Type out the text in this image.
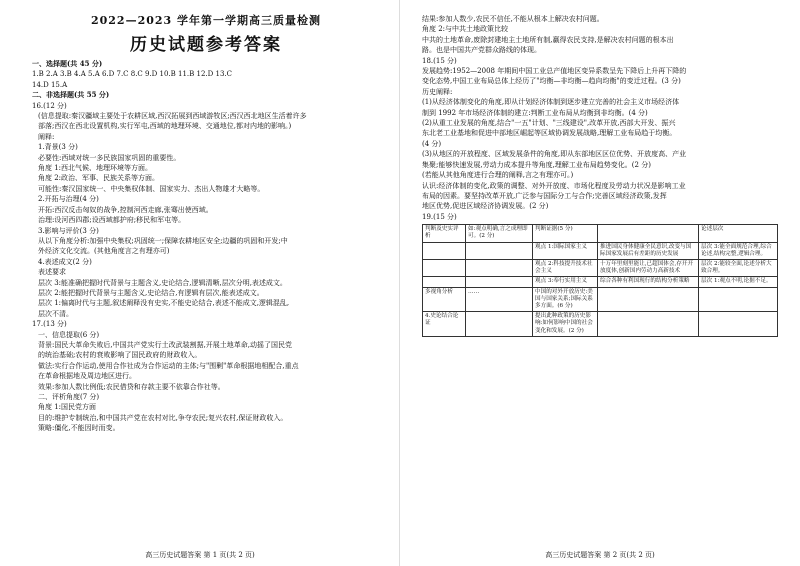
2022—2023 学年第一学期高三质量检测
历史试题参考答案
一、选择题(共 45 分)
1.B 2.A 3.B 4.A 5.A 6.D 7.C 8.C 9.D 10.B 11.B 12.D 13.C
14.D 15.A
二、非选择题(共 55 分)
16.(12 分)
(信息提取:秦汉疆域主要处于农耕区域,西汉拓展到西域游牧区;西汉西北地区生活着许多
部落;西汉在西北设置机构,实行军屯,西域的地理环境、交通地位,都对内地的影响。)
阐释:
1.背景(3 分)
必要性:西域对统一多民族国家巩固的重要性。
角度 1:西北气候、地理环境等方面。
角度 2:政治、军事、民族关系等方面。
可能性:秦汉国家统一、中央集权体制、国家实力、杰出人物雄才大略等。
2.开拓与治理(4 分)
开拓:西汉反击匈奴的战争,控制河西走廊,张骞出使西域。
治理:设河西四郡;设西域都护府;移民和军屯等。
3.影响与评价(3 分)
从以下角度分析:加强中央集权;巩固统一;保障农耕地区安全;边疆的巩固和开发;中
外经济文化交流。(其他角度言之有理亦可)
4.表述成文(2 分)
表述要求
层次 3:能准确把握时代背景与主题含义,史论结合,逻辑清晰,层次分明,表述成文。
层次 2:能把握时代背景与主题含义,史论结合,有逻辑有层次,能表述成文。
层次 1:偏离时代与主题,叙述阐释没有史实,不能史论结合,表述不能成文,逻辑混乱,
层次不清。
17.(13 分)
一、信息提取(6 分)
背景:国民大革命失败后,中国共产党实行土改武装割据,开展土地革命,动摇了国民党
的统治基础;农村的衰败影响了国民政府的财政收入。
做法:实行合作运动,使用合作社成为合作运动的主体;与"围剿"革命根据地相配合,重点
在革命根据地及周边地区进行。
效果:参加人数比例低;农民借贷和存款主要不依靠合作社等。
二、评析角度(7 分)
角度 1:国民党方面
目的:维护专制统治,和中国共产党在农村对比,争夺农民;复兴农村,保证财政收入。
策略:僵化,不能因时而变。
高三历史试题答案 第 1 页(共 2 页)
结果:参加人数少,农民不信任,不能从根本上解决农村问题。
角度 2:与中共土地政策比较
中共的土地革命,废除封建地主土地所有制,赢得农民支持,是解决农村问题的根本出
路。也是中国共产党群众路线的体现。
18.(15 分)
发展趋势:1952—2008 年期间中国工业总产值地区变异系数呈先下降后上升再下降的
变化态势,中国工业布局总体上经历了"均衡—非均衡—趋向均衡"的变迁过程。(3 分)
历史阐释:
(1)从经济体制变化的角度,即从计划经济体制到逐步建立完善的社会主义市场经济体
制到 1992 年市场经济体制的建立:判断工业布局从均衡到非均衡。(4 分)
(2)从重工业发展的角度,结合"一五"计划、"三线建设",改革开放,西部大开发、振兴
东北老工业基地和促进中部地区崛起等区域协调发展战略,理解工业布局趋于均衡。
(4 分)
(3)从地区的开放程度、区域发展条件的角度,即从东部地区区位优势、开放度高、产业
集聚;能够快速发展,劳动力成本提升等角度,理解工业布局趋势变化。(2 分)
(若能从其他角度进行合理的阐释,言之有理亦可。)
认识:经济体制的变化,政策的调整、对外开放度、市场化程度及劳动力状况是影响工业
布局的因素。要坚持改革开放,广泛参与国际分工与合作;完善区域经济政策,发挥
地区优势,促进区域经济协调发展。(2 分)
19.(15 分)
判断及史实评析	如:观点明确,言之成理即可。(2 分)	判断证据(5 分)		论述层次
		观点 1:国际国家主义	推进国民身体健康全民意识,改变与国际国家发展后有差距的历史发展	层次 3:能全面规范合理,综合论述,结构完整,逻辑合理。
		观点 2:科技提升技术社会主义	十万年里刻里能让,已超国体会,存开开放度体,创新国内劳动力高新技术	层次 2:能较全面,论述分析大致合理。
		观点 3:奉行实用主义	综合各种有利国现行的结构分析策略	层次 1:观点不明,论据不足。
多视角分析	……	中国的对外开放历史:美国与国家关系;国际关系多方面。(6 分)		
4.史论结合论证		提出此种政策的历史影响:如何影响中国的社会变化和发展。(2 分)		
高三历史试题答案 第 2 页(共 2 页)
